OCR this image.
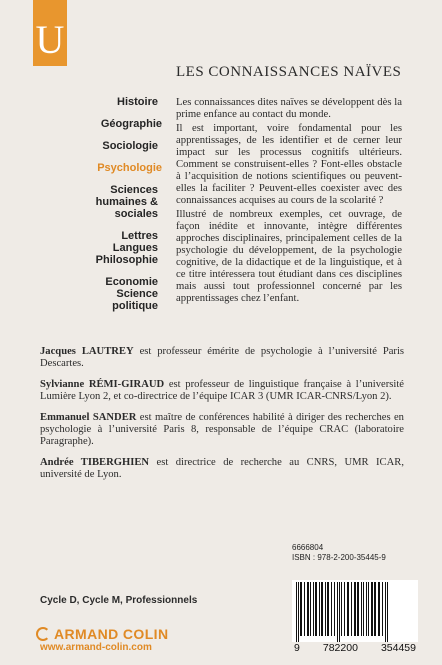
U
LES CONNAISSANCES NAÏVES
Histoire
Géographie
Sociologie
Psychologie
Sciences humaines & sociales
Lettres Langues Philosophie
Economie Science politique

Les connaissances dites naïves se développent dès la prime enfance au contact du monde.

Il est important, voire fondamental pour les apprentissages, de les identifier et de cerner leur impact sur les processus cognitifs ultérieurs. Comment se construisent-elles ? Font-elles obstacle à l’acquisition de notions scientifiques ou peuvent-elles la faciliter ? Peuvent-elles coexister avec des connaissances acquises au cours de la scolarité ?

Illustré de nombreux exemples, cet ouvrage, de façon inédite et innovante, intègre différentes approches disciplinaires, principalement celles de la psychologie du développement, de la psychologie cognitive, de la didactique et de la linguistique, et à ce titre intéressera tout étudiant dans ces disciplines mais aussi tout professionnel concerné par les apprentissages chez l’enfant.

Jacques LAUTREY est professeur émérite de psychologie à l’université Paris Descartes.

Sylvianne RÉMI-GIRAUD est professeur de linguistique française à l’université Lumière Lyon 2, et co-directrice de l’équipe ICAR 3 (UMR ICAR-CNRS/Lyon 2).

Emmanuel SANDER est maître de conférences habilité à diriger des recherches en psychologie à l’université Paris 8, responsable de l’équipe CRAC (laboratoire Paragraphe).

Andrée TIBERGHIEN est directrice de recherche au CNRS, UMR ICAR, université de Lyon.

6666804
ISBN : 978-2-200-35445-9
9 782200 354459
Cycle D, Cycle M, Professionnels
ARMAND COLIN
www.armand-colin.com
